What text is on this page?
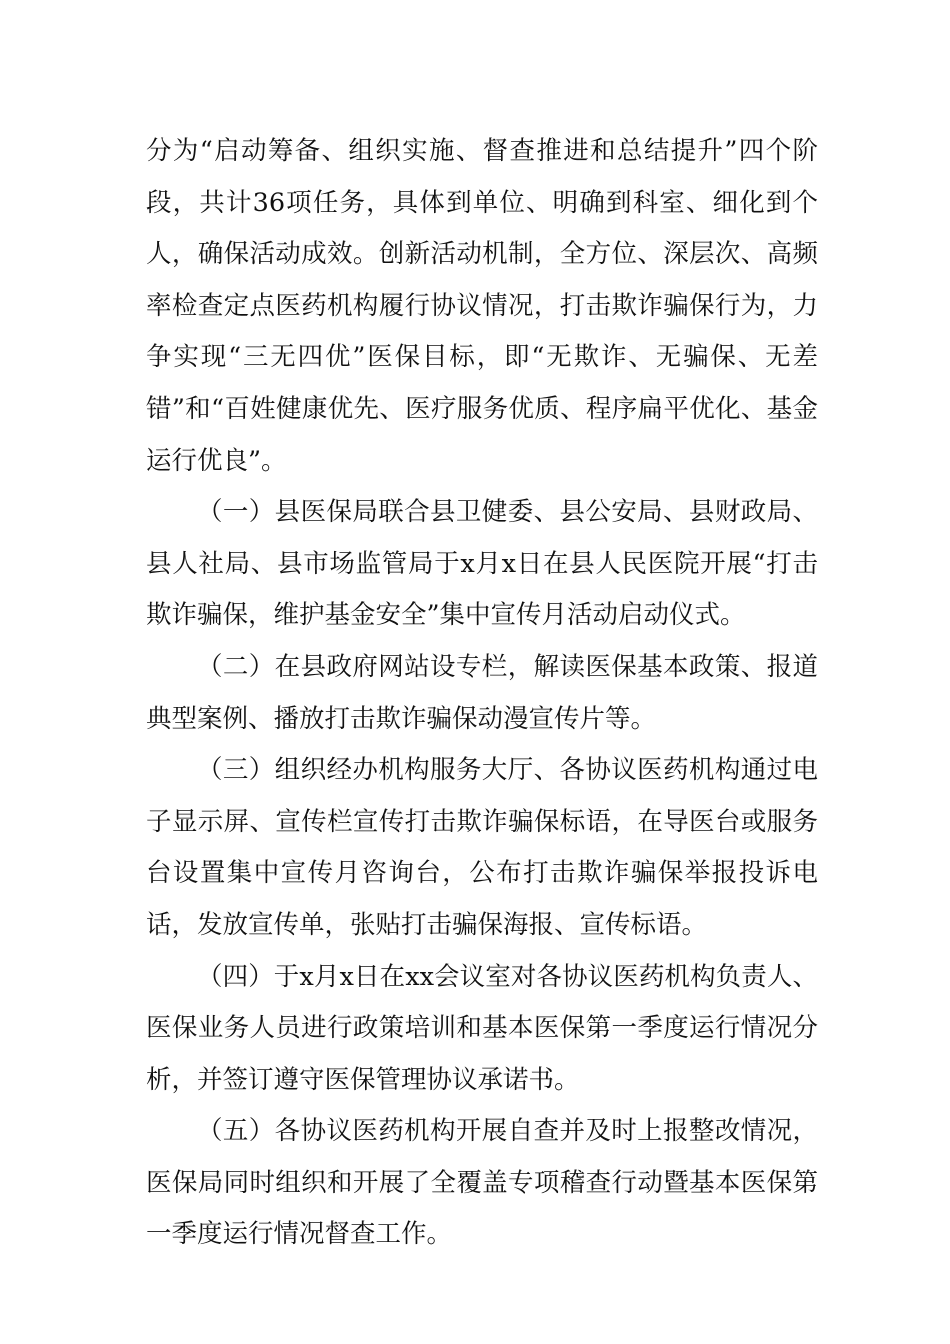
分为“启动筹备、组织实施、督查推进和总结提升”四个阶段，共计36项任务，具体到单位、明确到科室、细化到个人，确保活动成效。创新活动机制，全方位、深层次、高频率检查定点医药机构履行协议情况，打击欺诈骗保行为，力争实现“三无四优”医保目标，即“无欺诈、无骗保、无差错”和“百姓健康优先、医疗服务优质、程序扁平优化、基金运行优良”。

（一）县医保局联合县卫健委、县公安局、县财政局、县人社局、县市场监管局于x月x日在县人民医院开展“打击欺诈骗保，维护基金安全”集中宣传月活动启动仪式。

（二）在县政府网站设专栏，解读医保基本政策、报道典型案例、播放打击欺诈骗保动漫宣传片等。

（三）组织经办机构服务大厅、各协议医药机构通过电子显示屏、宣传栏宣传打击欺诈骗保标语，在导医台或服务台设置集中宣传月咨询台，公布打击欺诈骗保举报投诉电话，发放宣传单，张贴打击骗保海报、宣传标语。

（四）于x月x日在xx会议室对各协议医药机构负责人、医保业务人员进行政策培训和基本医保第一季度运行情况分析，并签订遵守医保管理协议承诺书。

（五）各协议医药机构开展自查并及时上报整改情况，医保局同时组织和开展了全覆盖专项稽查行动暨基本医保第一季度运行情况督查工作。
